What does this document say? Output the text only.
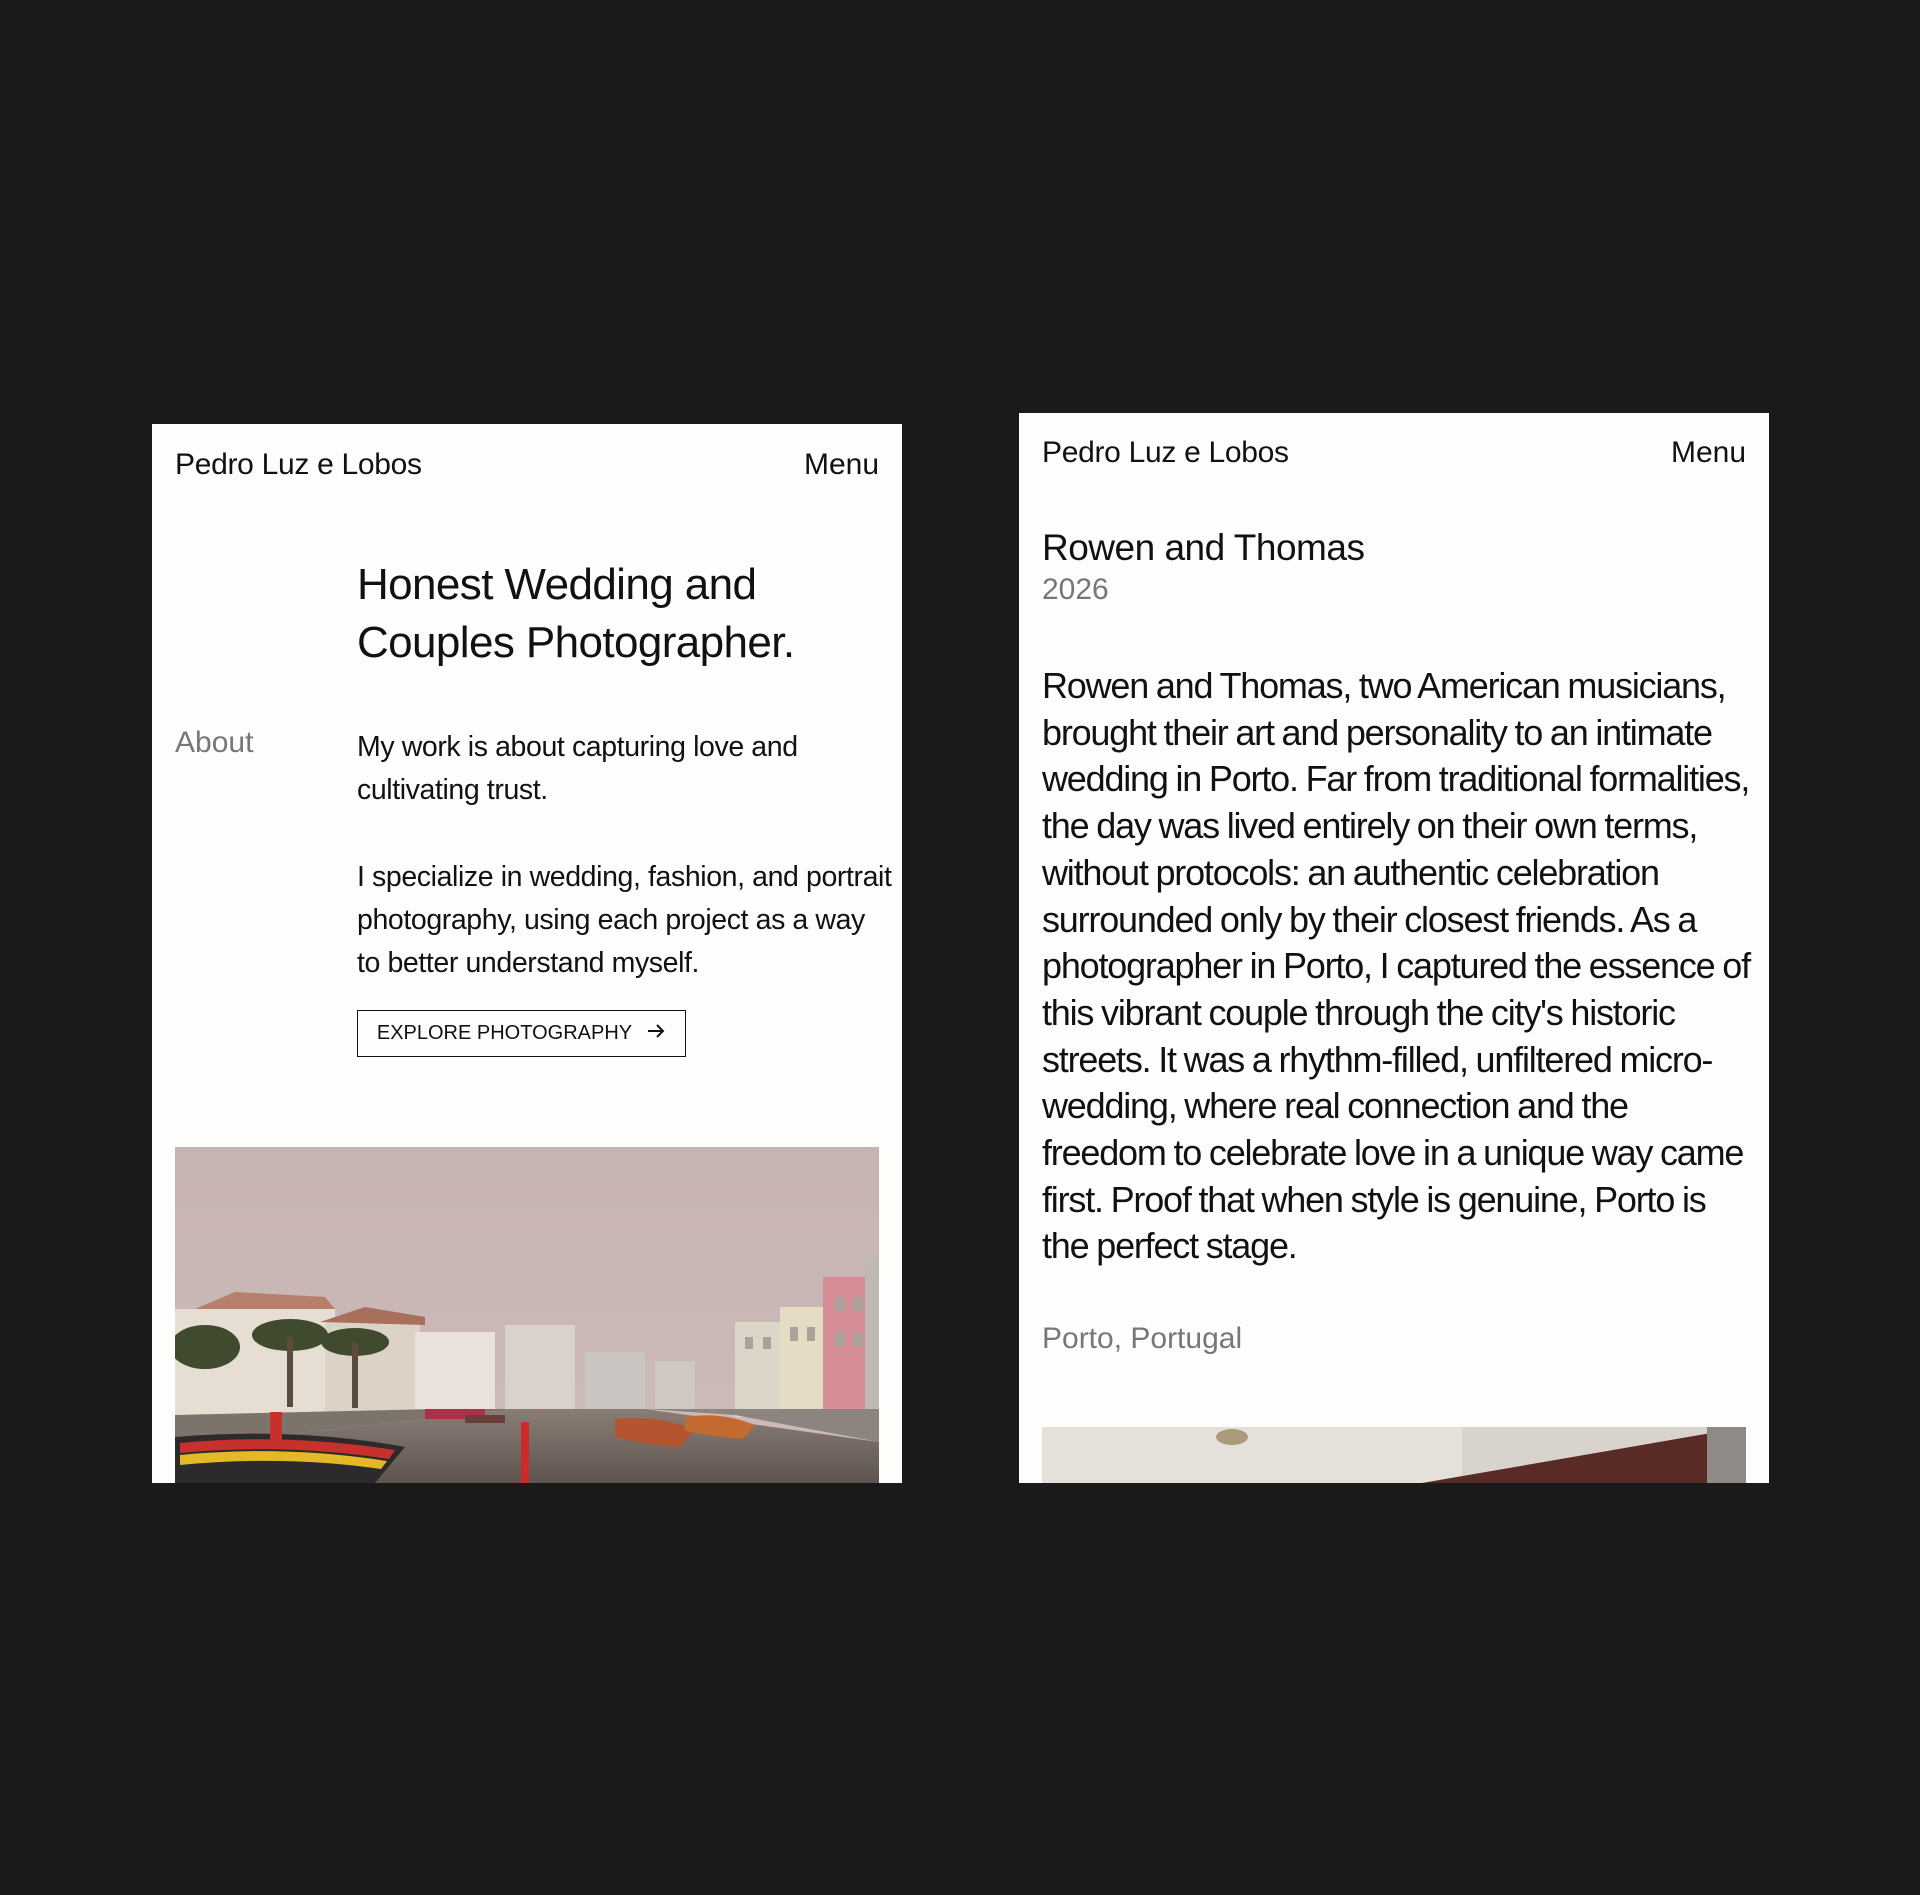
Pedro Luz e Lobos	Menu
Honest Wedding and
Couples Photographer.
About	My work is about capturing love and cultivating trust.

I specialize in wedding, fashion, and portrait photography, using each project as a way to better understand myself.

EXPLORE PHOTOGRAPHY
Pedro Luz e Lobos	Menu
Rowen and Thomas
2026

Rowen and Thomas, two American musicians, brought their art and personality to an intimate wedding in Porto. Far from traditional formalities, the day was lived entirely on their own terms, without protocols: an authentic celebration surrounded only by their closest friends. As a photographer in Porto, I captured the essence of this vibrant couple through the city's historic streets. It was a rhythm-filled, unfiltered micro-wedding, where real connection and the freedom to celebrate love in a unique way came first. Proof that when style is genuine, Porto is the perfect stage.

Porto, Portugal
